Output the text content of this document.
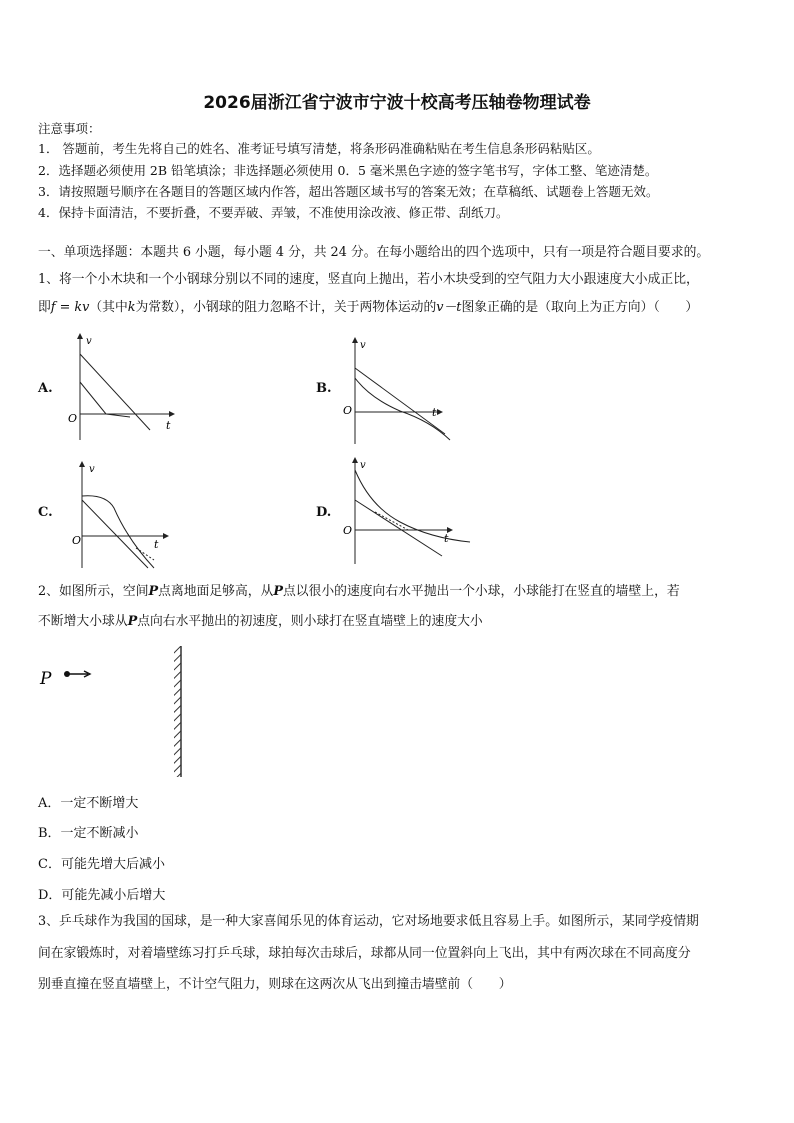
2026届浙江省宁波市宁波十校高考压轴卷物理试卷
注意事项：
1． 答题前，考生先将自己的姓名、准考证号填写清楚，将条形码准确粘贴在考生信息条形码粘贴区。
2．选择题必须使用 2B 铅笔填涂；非选择题必须使用 0．5 毫米黑色字迹的签字笔书写，字体工整、笔迹清楚。
3．请按照题号顺序在各题目的答题区域内作答，超出答题区域书写的答案无效；在草稿纸、试题卷上答题无效。
4．保持卡面清洁，不要折叠，不要弄破、弄皱，不准使用涂改液、修正带、刮纸刀。
一、单项选择题：本题共 6 小题，每小题 4 分，共 24 分。在每小题给出的四个选项中，只有一项是符合题目要求的。
1、将一个小木块和一个小钢球分别以不同的速度，竖直向上抛出，若小木块受到的空气阻力大小跟速度大小成正比，
即f = kv（其中k为常数），小钢球的阻力忽略不计，关于两物体运动的v－t图象正确的是（取向上为正方向）（　　）
A.	B.
C.	D.
v
t
O
v
t
O
v
t
O
v
t
O
2、如图所示，空间P点离地面足够高，从P点以很小的速度向右水平抛出一个小球，小球能打在竖直的墙壁上，若
不断增大小球从P点向右水平抛出的初速度，则小球打在竖直墙壁上的速度大小
P
A．一定不断增大
B．一定不断减小
C．可能先增大后减小
D．可能先减小后增大
3、乒乓球作为我国的国球，是一种大家喜闻乐见的体育运动，它对场地要求低且容易上手。如图所示，某同学疫情期
间在家锻炼时，对着墙壁练习打乒乓球，球拍每次击球后，球都从同一位置斜向上飞出，其中有两次球在不同高度分
别垂直撞在竖直墙壁上，不计空气阻力，则球在这两次从飞出到撞击墙壁前（　　）
